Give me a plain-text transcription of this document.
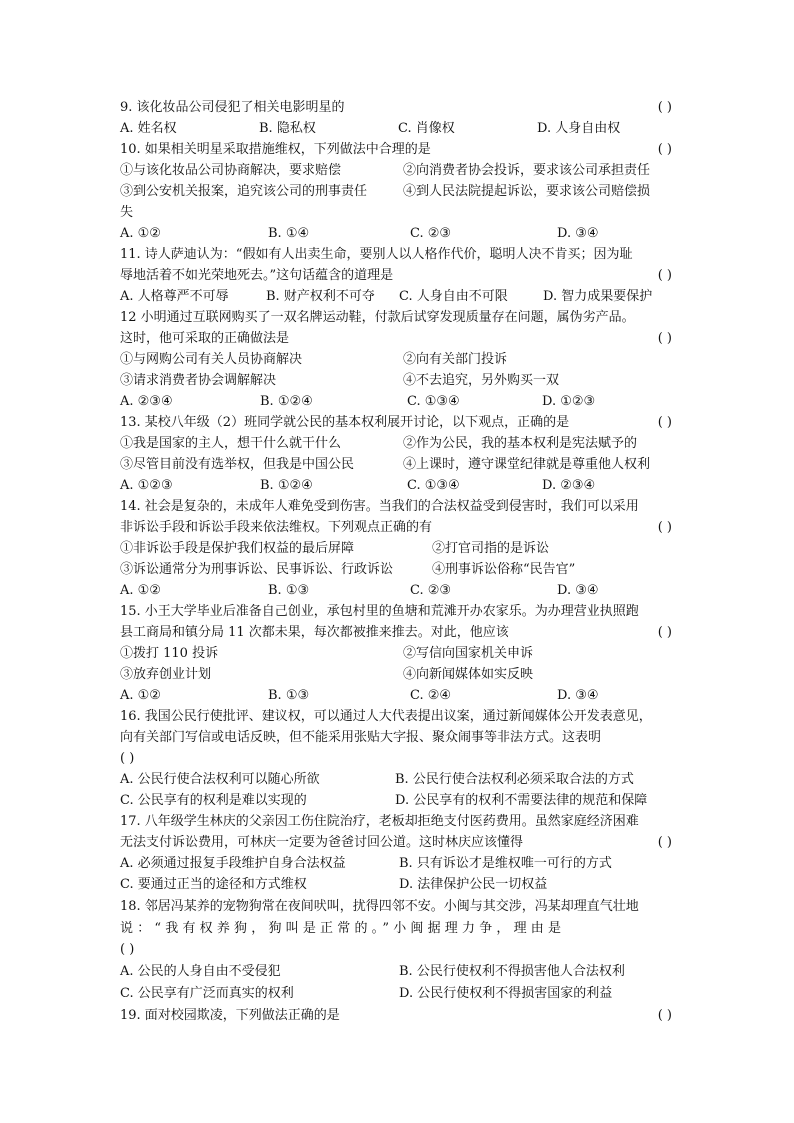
9. 该化妆品公司侵犯了相关电影明星的	( )
A. 姓名权	B. 隐私权	C. 肖像权	D. 人身自由权
10. 如果相关明星采取措施维权，下列做法中合理的是	( )
①与该化妆品公司协商解决，要求赔偿	②向消费者协会投诉，要求该公司承担责任
③到公安机关报案，追究该公司的刑事责任	④到人民法院提起诉讼，要求该公司赔偿损
失
A. ①②	B. ①④	C. ②③	D. ③④
11. 诗人萨迪认为：“假如有人出卖生命，要别人以人格作代价，聪明人决不肯买；因为耻
辱地活着不如光荣地死去。”这句话蕴含的道理是	( )
A. 人格尊严不可辱	B. 财产权利不可夺 C. 人身自由不可限	D. 智力成果要保护
12 小明通过互联网购买了一双名牌运动鞋，付款后试穿发现质量存在问题，属伪劣产品。
这时，他可采取的正确做法是	( )
①与网购公司有关人员协商解决	②向有关部门投诉
③请求消费者协会调解解决	④不去追究，另外购买一双
A. ②③④	B. ①②④	C. ①③④	D. ①②③
13. 某校八年级（2）班同学就公民的基本权利展开讨论，以下观点，正确的是	( )
①我是国家的主人，想干什么就干什么	②作为公民，我的基本权利是宪法赋予的
③尽管目前没有选举权，但我是中国公民	④上课时，遵守课堂纪律就是尊重他人权利
A. ①②③	B. ①②④	C. ①③④	D. ②③④
14. 社会是复杂的，未成年人难免受到伤害。当我们的合法权益受到侵害时，我们可以采用
非诉讼手段和诉讼手段来依法维权。下列观点正确的有	( )
①非诉讼手段是保护我们权益的最后屏障	②打官司指的是诉讼
③诉讼通常分为刑事诉讼、民事诉讼、行政诉讼	④刑事诉讼俗称“民告官”
A. ①②	B. ①③	C. ②③	D. ③④
15. 小王大学毕业后准备自己创业，承包村里的鱼塘和荒滩开办农家乐。为办理营业执照跑
县工商局和镇分局 11 次都未果，每次都被推来推去。对此，他应该	( )
①拨打 110 投诉	②写信向国家机关申诉
③放弃创业计划	④向新闻媒体如实反映
A. ①②	B. ①③	C. ②④	D. ③④
16. 我国公民行使批评、建议权，可以通过人大代表提出议案，通过新闻媒体公开发表意见，
向有关部门写信或电话反映，但不能采用张贴大字报、聚众闹事等非法方式。这表明
( )
A. 公民行使合法权利可以随心所欲	B. 公民行使合法权利必须采取合法的方式
C. 公民享有的权利是难以实现的	D. 公民享有的权利不需要法律的规范和保障
17. 八年级学生林庆的父亲因工伤住院治疗，老板却拒绝支付医药费用。虽然家庭经济困难
无法支付诉讼费用，可林庆一定要为爸爸讨回公道。这时林庆应该懂得	( )
A. 必须通过报复手段维护自身合法权益	B. 只有诉讼才是维权唯一可行的方式
C. 要通过正当的途径和方式维权	D. 法律保护公民一切权益
18. 邻居冯某养的宠物狗常在夜间吠叫，扰得四邻不安。小闽与其交涉，冯某却理直气壮地
说：“我有权养狗，狗叫是正常的。”小闽据理力争，理由是
( )
A. 公民的人身自由不受侵犯	B. 公民行使权利不得损害他人合法权利
C. 公民享有广泛而真实的权利	D. 公民行使权利不得损害国家的利益
19. 面对校园欺凌，下列做法正确的是	( )
